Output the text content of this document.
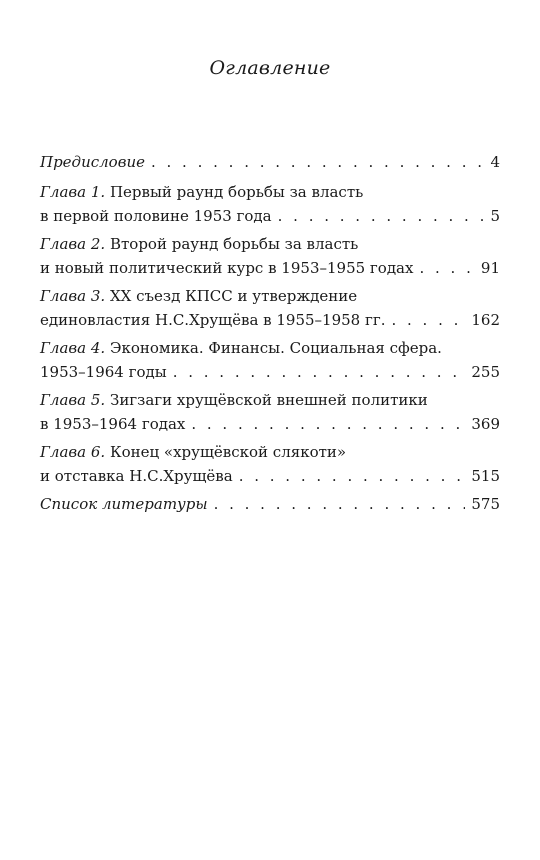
Оглавление
Предисловие . . .	4
Глава 1.
Первый раунд борьбы за власть
в первой половине 1953 года . . .	5
Глава 2.
Второй раунд борьбы за власть
и новый политический курс в 1953–1955 годах . . .	91
Глава 3.
ХХ съезд КПСС и утверждение
единовластия Н.С.Хрущёва в 1955–1958 гг. . . .	162
Глава 4.
Экономика. Финансы. Социальная сфера.
1953–1964 годы . . .	255
Глава 5.
Зигзаги хрущёвской внешней политики
в 1953–1964 годах . . .	369
Глава 6.
Конец «хрущёвской слякоти»
и отставка Н.С.Хрущёва . . .	515
Список литературы . . .	575
